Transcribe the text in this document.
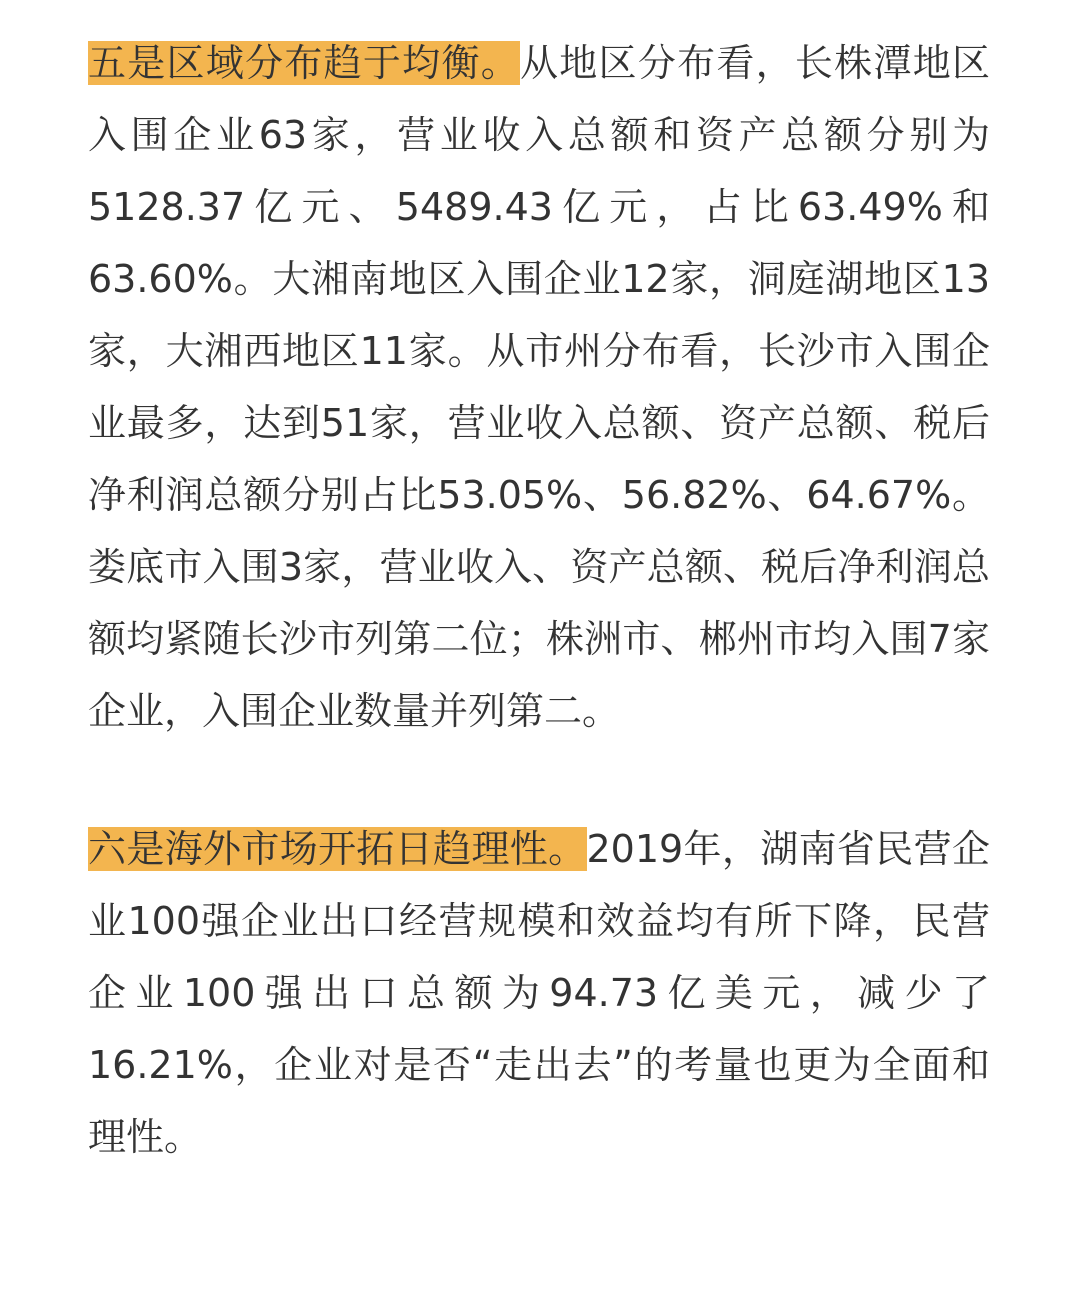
五是区域分布趋于均衡。从地区分布看，长株潭地区入围企业63家，营业收入总额和资产总额分别为5128.37亿元、5489.43亿元，占比63.49%和63.60%。大湘南地区入围企业12家，洞庭湖地区13家，大湘西地区11家。从市州分布看，长沙市入围企业最多，达到51家，营业收入总额、资产总额、税后净利润总额分别占比53.05%、56.82%、64.67%。娄底市入围3家，营业收入、资产总额、税后净利润总额均紧随长沙市列第二位；株洲市、郴州市均入围7家企业，入围企业数量并列第二。

六是海外市场开拓日趋理性。2019年，湖南省民营企业100强企业出口经营规模和效益均有所下降，民营企业100强出口总额为94.73亿美元，减少了16.21%，企业对是否“走出去”的考量也更为全面和理性。
